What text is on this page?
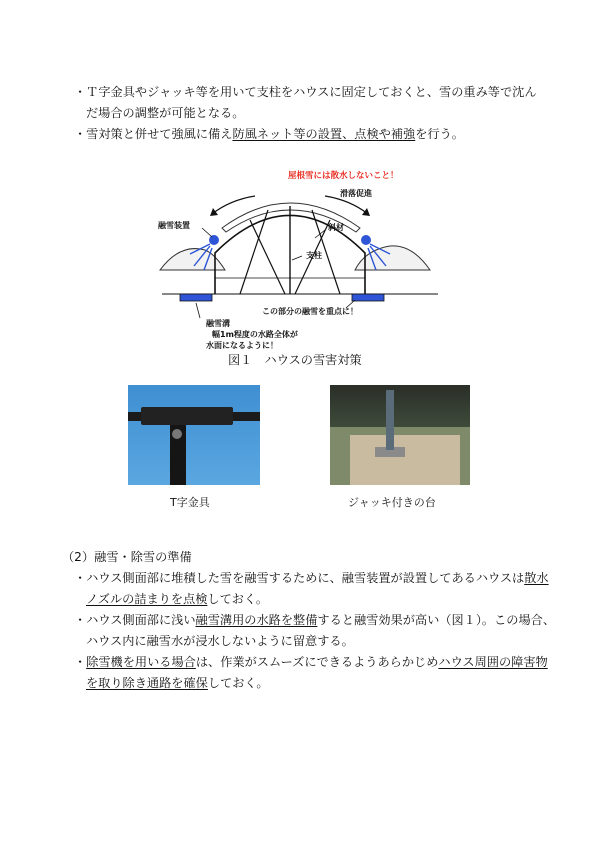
・Ｔ字金具やジャッキ等を用いて支柱をハウスに固定しておくと、雪の重み等で沈ん
だ場合の調整が可能となる。
・雪対策と併せて強風に備え防風ネット等の設置、点検や補強を行う。
屋根雪には散水しないこと！
滑落促進
融雪装置	斜材
支柱
この部分の融雪を重点に！
融雪溝
幅1m程度の水路全体が
水面になるように！
図１　ハウスの雪害対策
T字金具	ジャッキ付きの台
（2）融雪・除雪の準備
・ハウス側面部に堆積した雪を融雪するために、融雪装置が設置してあるハウスは散水
ノズルの詰まりを点検しておく。
・ハウス側面部に浅い融雪溝用の水路を整備すると融雪効果が高い（図１）。この場合、
ハウス内に融雪水が浸水しないように留意する。
・除雪機を用いる場合は、作業がスムーズにできるようあらかじめハウス周囲の障害物
を取り除き通路を確保しておく。
